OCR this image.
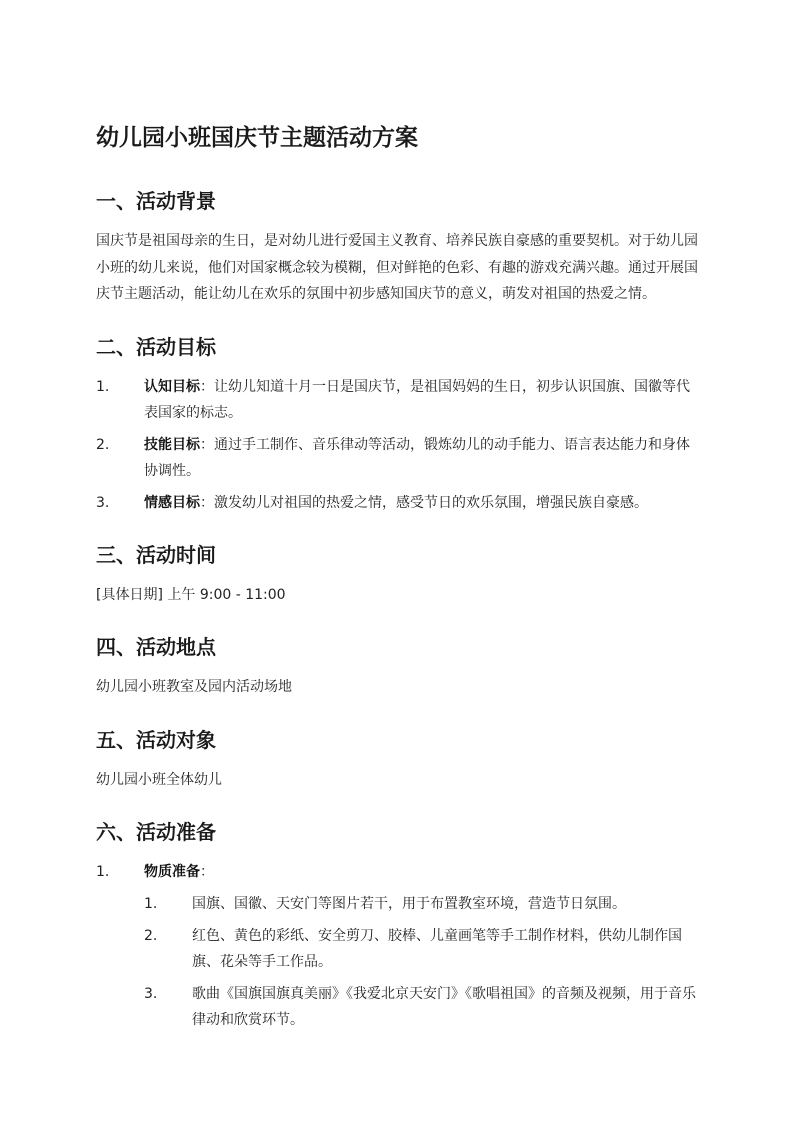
幼儿园小班国庆节主题活动方案
一、活动背景

国庆节是祖国母亲的生日，是对幼儿进行爱国主义教育、培养民族自豪感的重要契机。对于幼儿园小班的幼儿来说，他们对国家概念较为模糊，但对鲜艳的色彩、有趣的游戏充满兴趣。通过开展国庆节主题活动，能让幼儿在欢乐的氛围中初步感知国庆节的意义，萌发对祖国的热爱之情。

二、活动目标
1. 认知目标：让幼儿知道十月一日是国庆节，是祖国妈妈的生日，初步认识国旗、国徽等代表国家的标志。
2. 技能目标：通过手工制作、音乐律动等活动，锻炼幼儿的动手能力、语言表达能力和身体协调性。
3. 情感目标：激发幼儿对祖国的热爱之情，感受节日的欢乐氛围，增强民族自豪感。
三、活动时间

[具体日期] 上午 9:00 - 11:00

四、活动地点

幼儿园小班教室及园内活动场地

五、活动对象

幼儿园小班全体幼儿

六、活动准备
1. 物质准备：
1. 国旗、国徽、天安门等图片若干，用于布置教室环境，营造节日氛围。
2. 红色、黄色的彩纸、安全剪刀、胶棒、儿童画笔等手工制作材料，供幼儿制作国旗、花朵等手工作品。
3. 歌曲《国旗国旗真美丽》《我爱北京天安门》《歌唱祖国》的音频及视频，用于音乐律动和欣赏环节。
